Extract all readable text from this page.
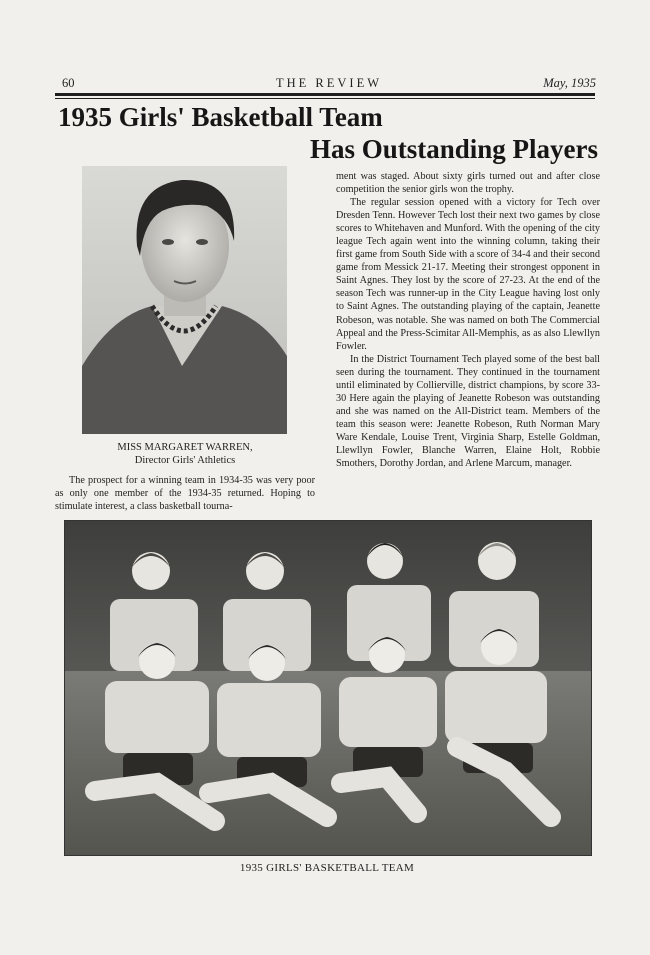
60	THE REVIEW	May, 1935
1935 Girls' Basketball Team
Has Outstanding Players
MISS MARGARET WARREN,
Director Girls' Athletics

The prospect for a winning team in 1934-35 was very poor as only one member of the 1934-35 returned. Hoping to stimulate interest, a class basketball tourna-

ment was staged. About sixty girls turned out and after close competition the senior girls won the trophy.

The regular session opened with a victory for Tech over Dresden Tenn. However Tech lost their next two games by close scores to Whitehaven and Munford. With the opening of the city league Tech again went into the winning column, taking their first game from South Side with a score of 34-4 and their second game from Messick 21-17. Meeting their strongest opponent in Saint Agnes. They lost by the score of 27-23. At the end of the season Tech was runner-up in the City League having lost only to Saint Agnes. The outstanding playing of the captain, Jeanette Robeson, was notable. She was named on both The Commercial Appeal and the Press-Scimitar All-Memphis, as as also Llewllyn Fowler.

In the District Tournament Tech played some of the best ball seen during the tournament. They continued in the tournament until eliminated by Collierville, district champions, by score 33-30 Here again the playing of Jeanette Robeson was outstanding and she was named on the All-District team. Members of the team this season were: Jeanette Robeson, Ruth Norman Mary Ware Kendale, Louise Trent, Virginia Sharp, Estelle Goldman, Llewllyn Fowler, Blanche Warren, Elaine Holt, Robbie Smothers, Dorothy Jordan, and Arlene Marcum, manager.

1935 GIRLS' BASKETBALL TEAM
